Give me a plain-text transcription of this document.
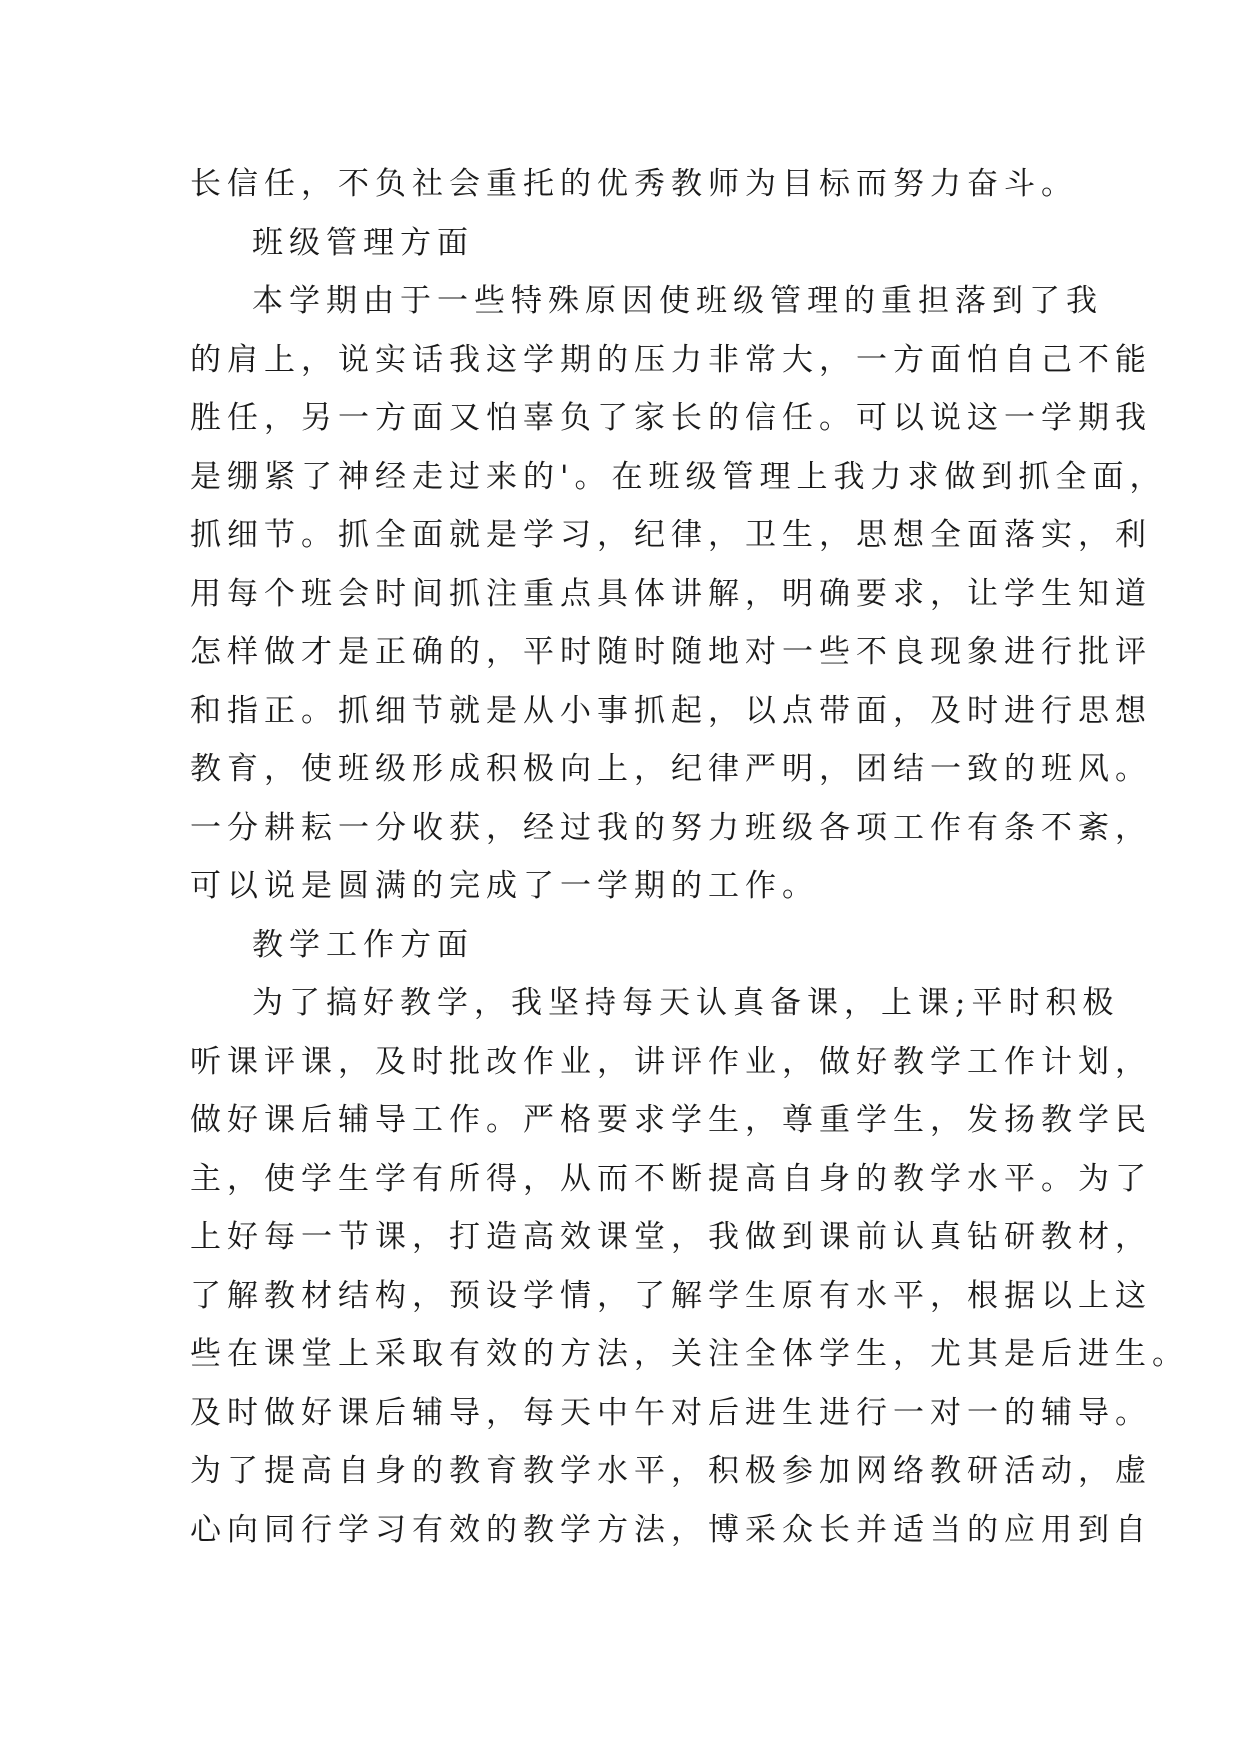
长信任，不负社会重托的优秀教师为目标而努力奋斗。
班级管理方面
本学期由于一些特殊原因使班级管理的重担落到了我
的肩上，说实话我这学期的压力非常大，一方面怕自己不能
胜任，另一方面又怕辜负了家长的信任。可以说这一学期我
是绷紧了神经走过来的'。在班级管理上我力求做到抓全面，
抓细节。抓全面就是学习，纪律，卫生，思想全面落实，利
用每个班会时间抓注重点具体讲解，明确要求，让学生知道
怎样做才是正确的，平时随时随地对一些不良现象进行批评
和指正。抓细节就是从小事抓起，以点带面，及时进行思想
教育，使班级形成积极向上，纪律严明，团结一致的班风。
一分耕耘一分收获，经过我的努力班级各项工作有条不紊，
可以说是圆满的完成了一学期的工作。
教学工作方面
为了搞好教学，我坚持每天认真备课，上课;平时积极
听课评课，及时批改作业，讲评作业，做好教学工作计划，
做好课后辅导工作。严格要求学生，尊重学生，发扬教学民
主，使学生学有所得，从而不断提高自身的教学水平。为了
上好每一节课，打造高效课堂，我做到课前认真钻研教材，
了解教材结构，预设学情，了解学生原有水平，根据以上这
些在课堂上采取有效的方法，关注全体学生，尤其是后进生。
及时做好课后辅导，每天中午对后进生进行一对一的辅导。
为了提高自身的教育教学水平，积极参加网络教研活动，虚
心向同行学习有效的教学方法，博采众长并适当的应用到自
